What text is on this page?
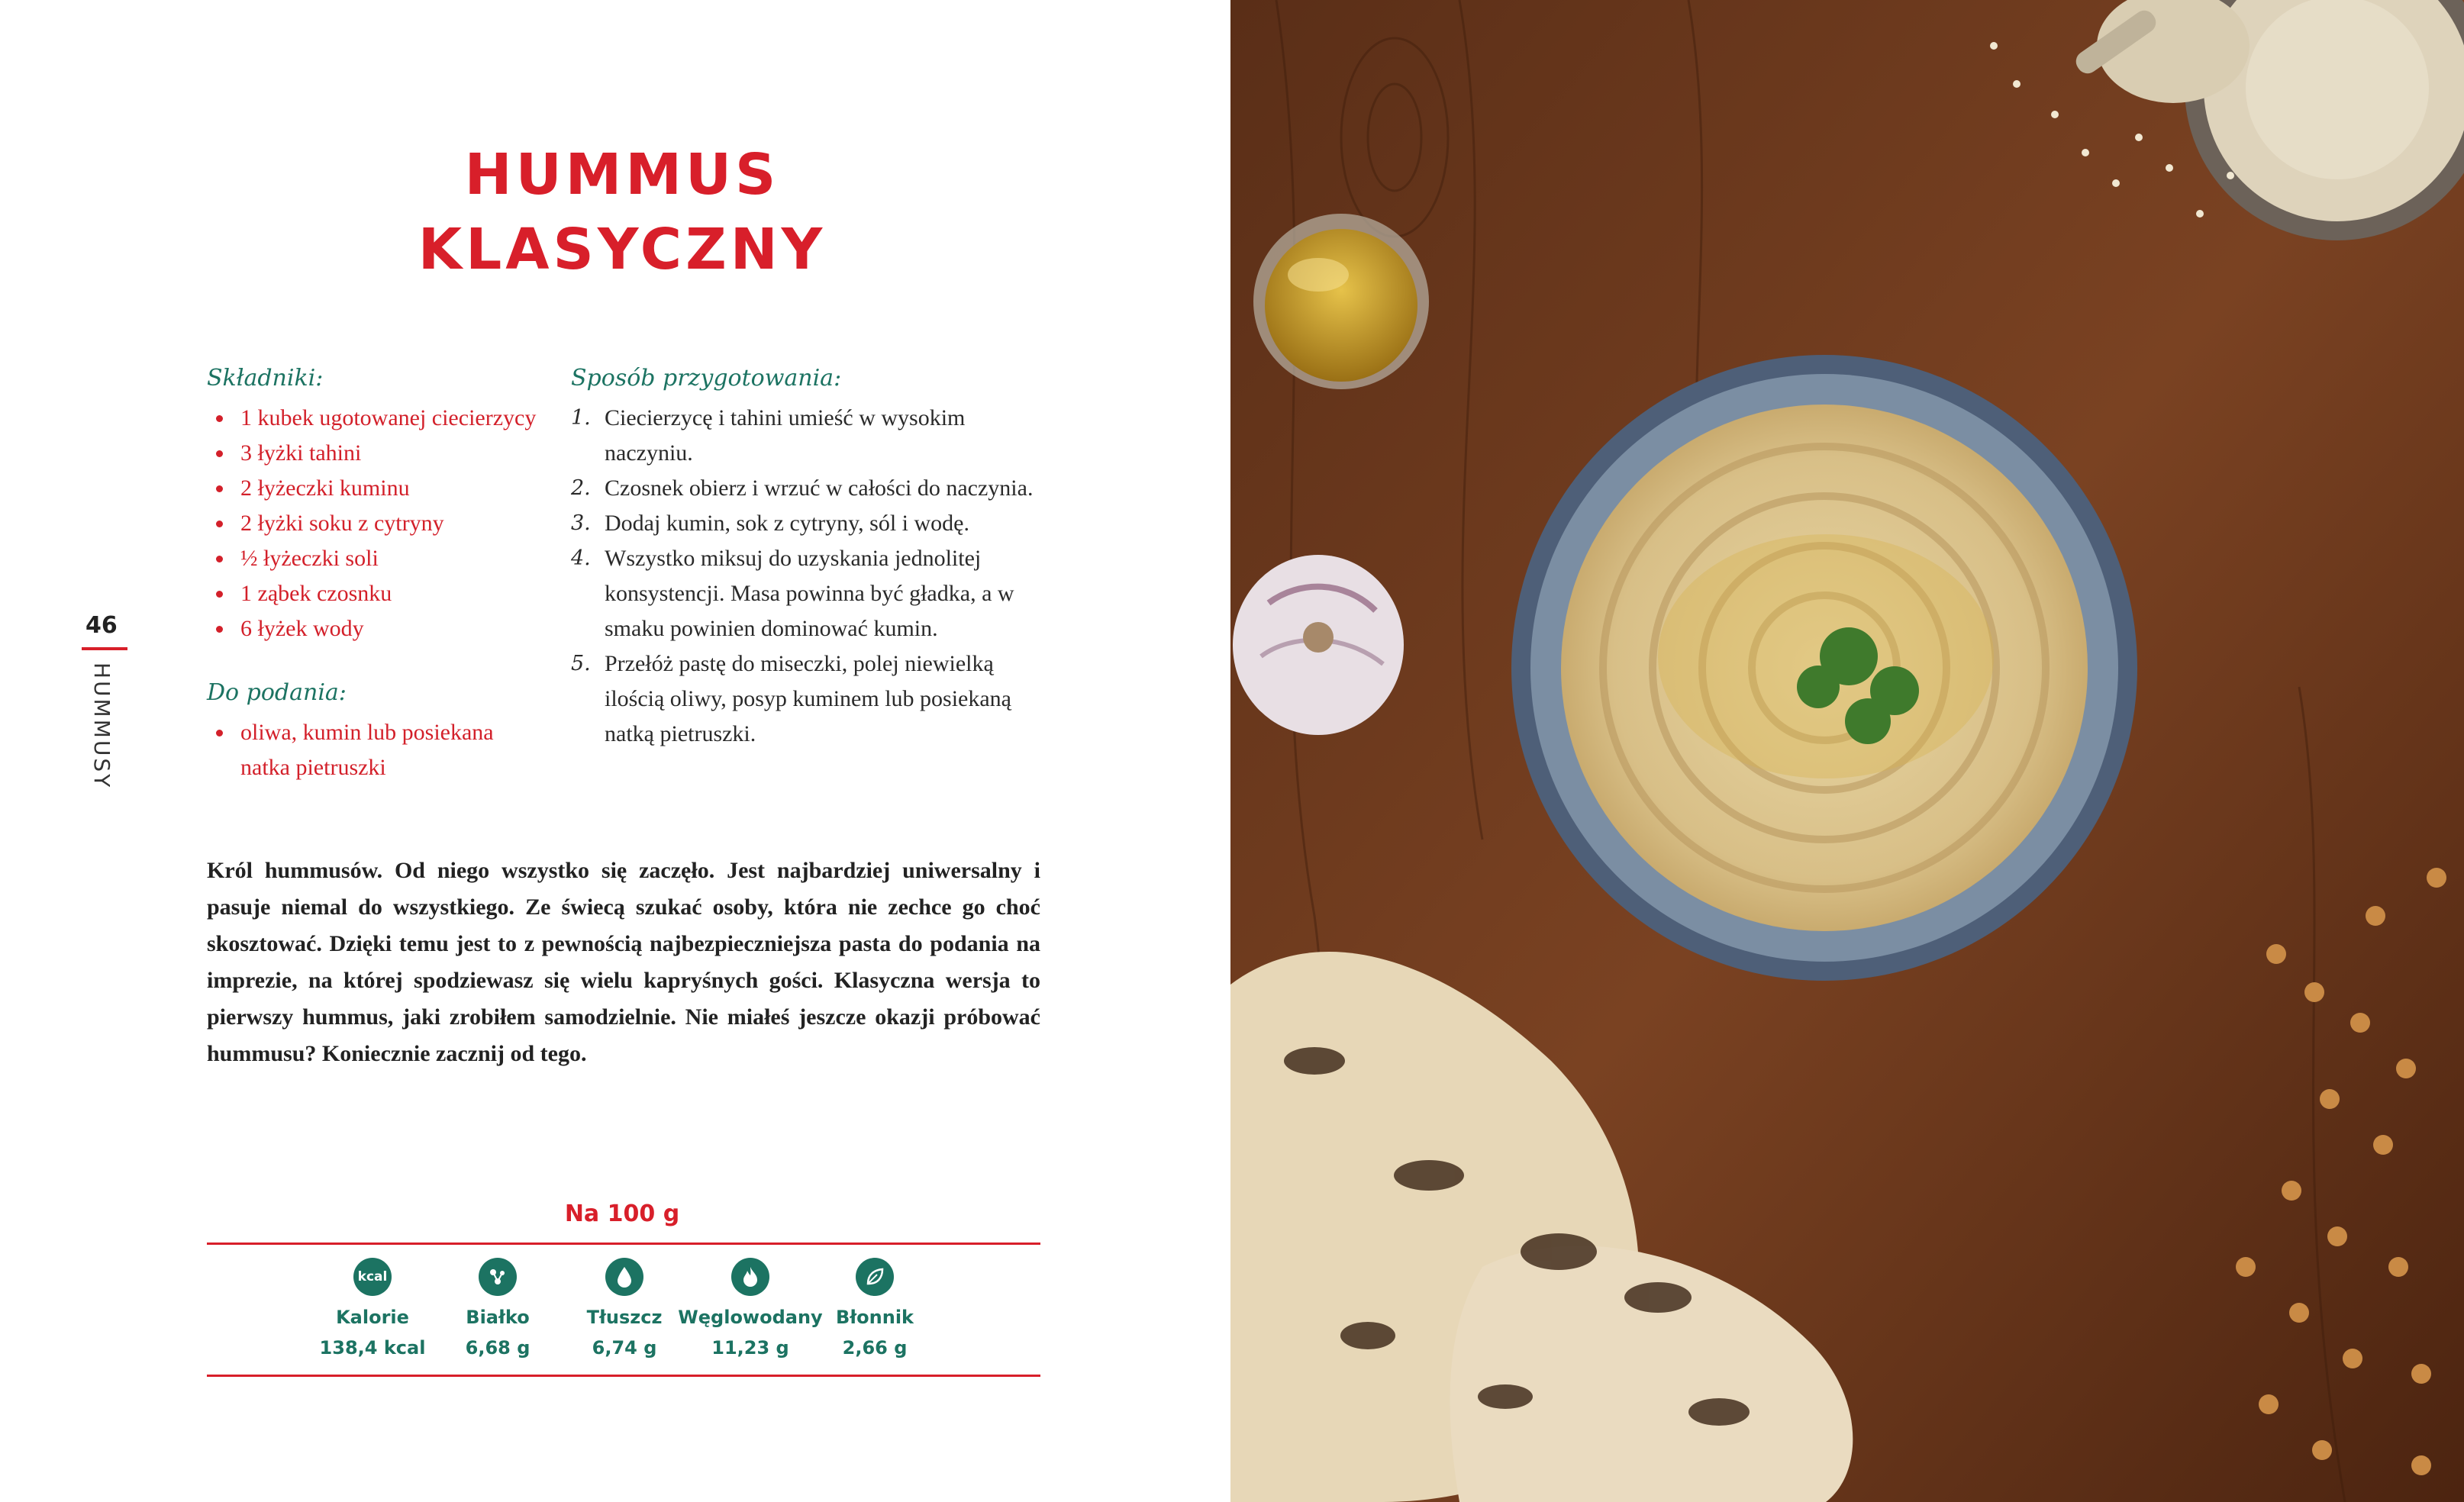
HUMMUS
KLASYCZNY
46
HUMMUSY
Składniki:
1 kubek ugotowanej ciecierzycy
3 łyżki tahini
2 łyżeczki kuminu
2 łyżki soku z cytryny
½ łyżeczki soli
1 ząbek czosnku
6 łyżek wody
Do podania:
oliwa, kumin lub posiekana natka pietruszki
Sposób przygotowania:
1. Ciecierzycę i tahini umieść w wysokim naczyniu.
2. Czosnek obierz i wrzuć w całości do naczynia.
3. Dodaj kumin, sok z cytryny, sól i wodę.
4. Wszystko miksuj do uzyskania jednolitej konsystencji. Masa powinna być gładka, a w smaku powinien dominować kumin.
5. Przełóż pastę do miseczki, polej niewielką ilością oliwy, posyp kuminem lub posiekaną natką pietruszki.
Król hummusów. Od niego wszystko się zaczęło. Jest najbardziej uniwersalny i pasuje niemal do wszystkiego. Ze świecą szukać osoby, która nie zechce go choć skosztować. Dzięki temu jest to z pewnością najbezpieczniejsza pasta do podania na imprezie, na której spodziewasz się wielu kapryśnych gości. Klasyczna wersja to pierwszy hummus, jaki zrobiłem samodzielnie. Nie miałeś jeszcze okazji próbować hummusu? Koniecznie zacznij od tego.
Na 100 g
kcal
Kalorie
138,4 kcal
Białko
6,68 g
Tłuszcz
6,74 g
Węglowodany
11,23 g
Błonnik
2,66 g
